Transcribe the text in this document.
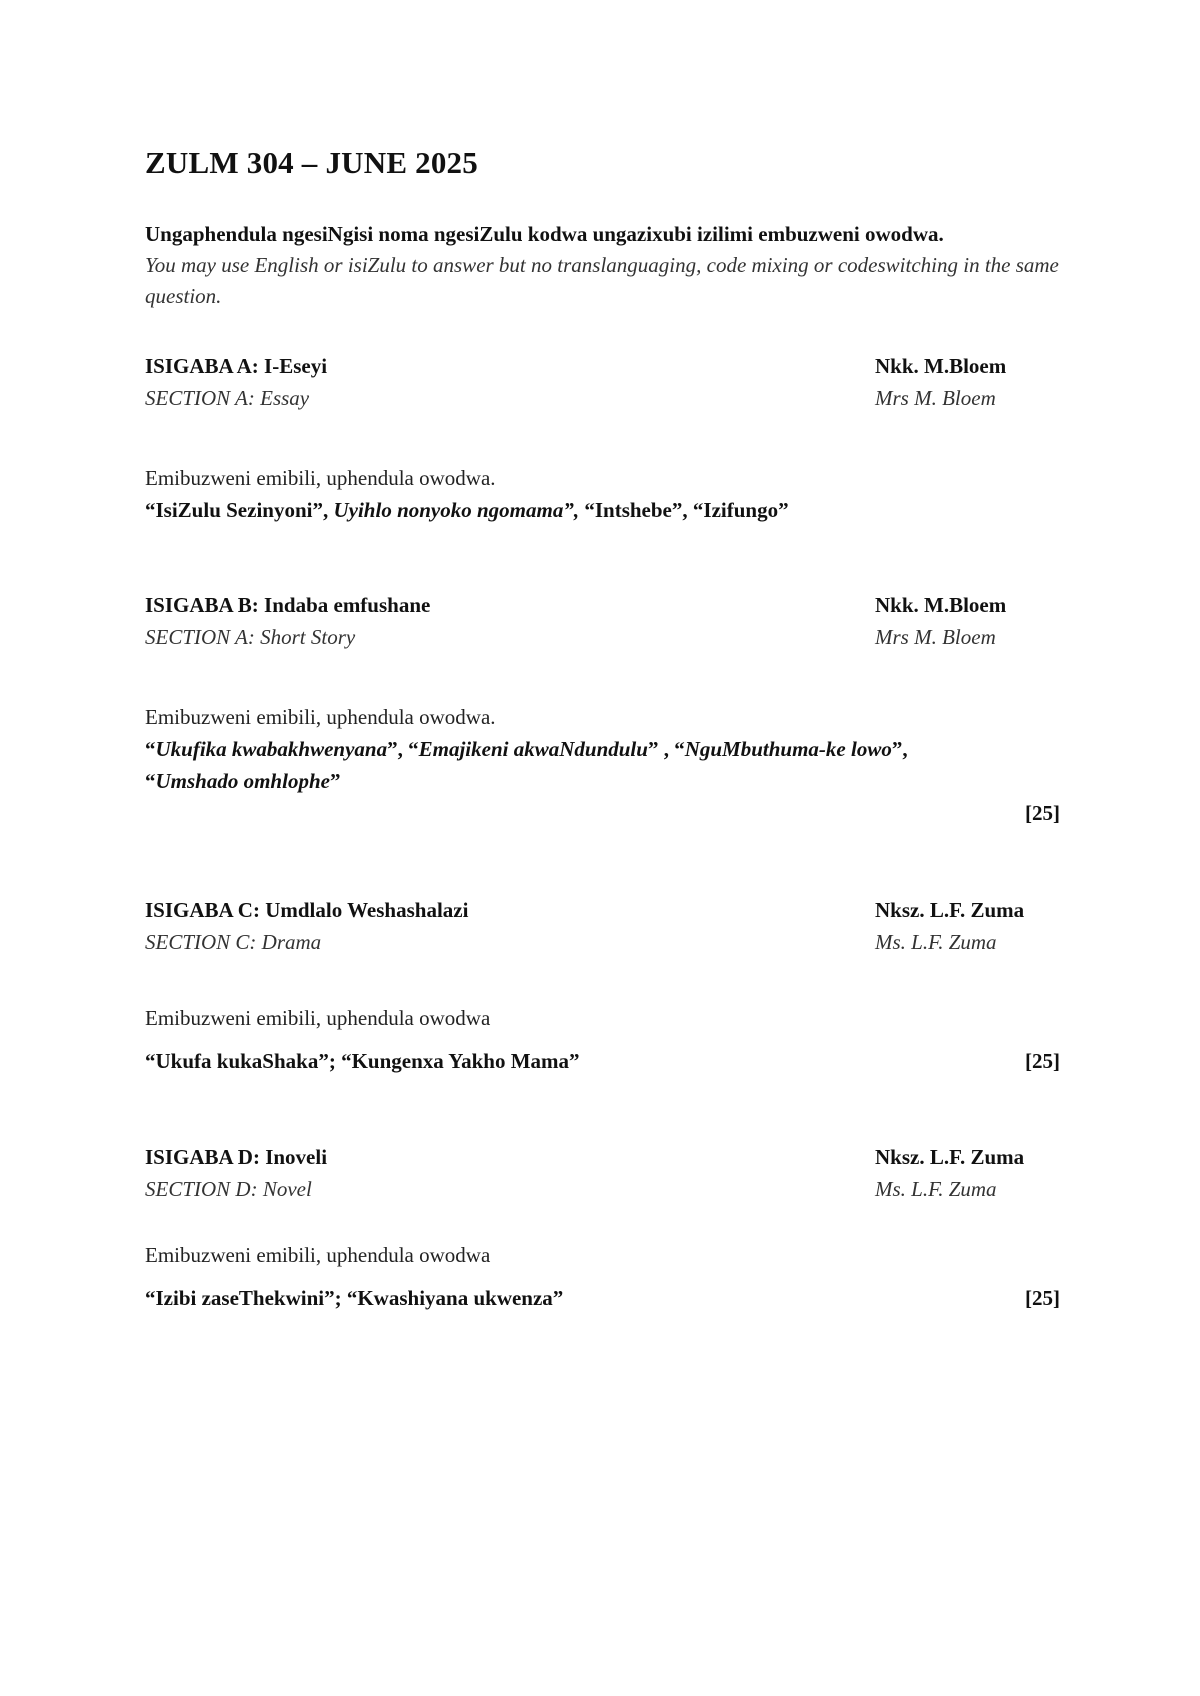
ZULM 304 – JUNE 2025
Ungaphendula ngesiNgisi noma ngesiZulu kodwa ungazixubi izilimi embuzweni owodwa.
You may use English or isiZulu to answer but no translanguaging, code mixing or codeswitching in the same question.
ISIGABA A: I-Eseyi	Nkk. M.Bloem
SECTION A: Essay	Mrs M. Bloem
Emibuzweni emibili, uphendula owodwa.
“IsiZulu Sezinyoni”, Uyihlo nonyoko ngomama”, “Intshebe”, “Izifungo”
ISIGABA B: Indaba emfushane	Nkk. M.Bloem
SECTION A: Short Story	Mrs M. Bloem
Emibuzweni emibili, uphendula owodwa.
“Ukufika kwabakhwenyana”, “Emajikeni akwaNdundulu” , “NguMbuthuma-ke lowo”,
“Umshado omhlophe”
[25]
ISIGABA C: Umdlalo Weshashalazi	Nksz. L.F. Zuma
SECTION C: Drama	Ms. L.F. Zuma
Emibuzweni emibili, uphendula owodwa
“Ukufa kukaShaka”; “Kungenxa Yakho Mama”	[25]
ISIGABA D: Inoveli	Nksz. L.F. Zuma
SECTION D: Novel	Ms. L.F. Zuma
Emibuzweni emibili, uphendula owodwa
“Izibi zaseThekwini”; “Kwashiyana ukwenza”	[25]
